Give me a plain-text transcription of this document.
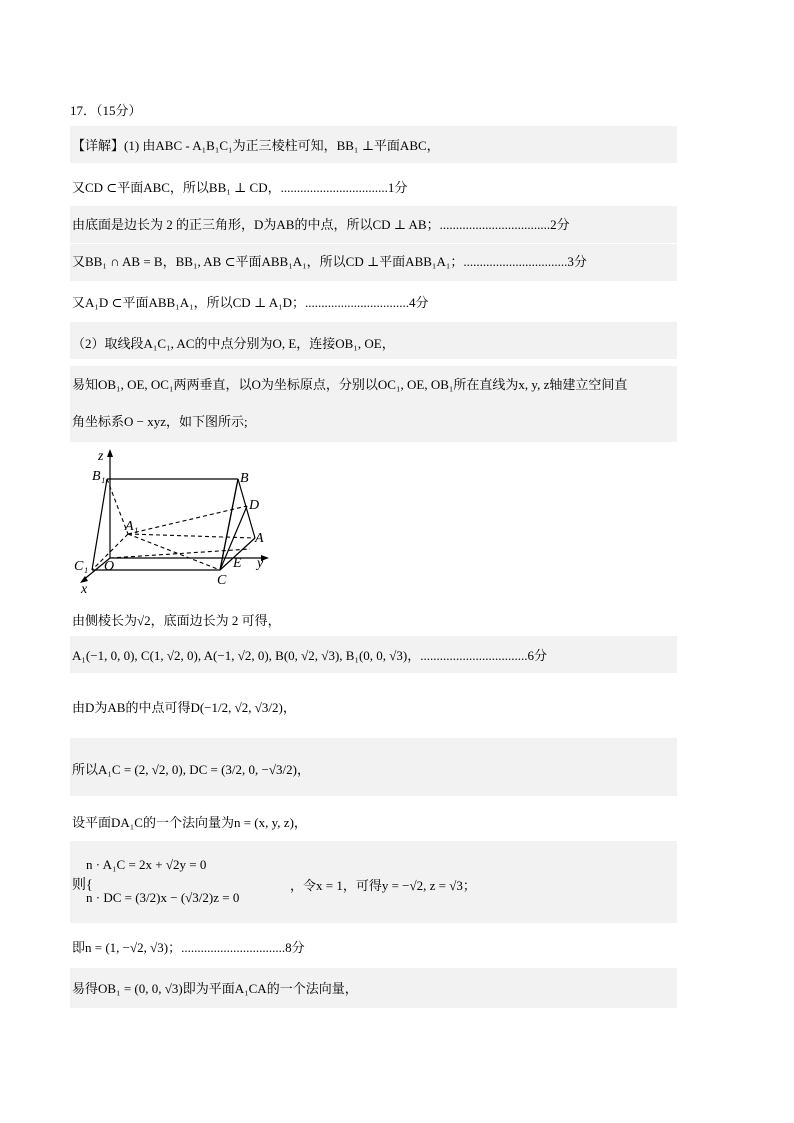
17．（15分）
【详解】(1) 由ABC - A₁B₁C₁为正三棱柱可知，BB₁ ⊥平面ABC，
又CD ⊂平面ABC，所以BB₁ ⊥ CD，.................................1分
由底面是边长为 2 的正三角形，D为AB的中点，所以CD ⊥ AB；..................................2分
又BB₁ ∩ AB = B，BB₁, AB ⊂平面ABB₁A₁，所以CD ⊥平面ABB₁A₁；................................3分
又A₁D ⊂平面ABB₁A₁，所以CD ⊥ A₁D；................................4分
（2）取线段A₁C₁, AC的中点分别为O, E，连接OB₁, OE，
易知OB₁, OE, OC₁两两垂直，以O为坐标原点，分别以OC₁, OE, OB₁所在直线为x, y, z轴建立空间直
角坐标系O − xyz，如下图所示;
z
B₁	B
D
A₁
A
C₁ O	E y
C
x
由侧棱长为√2，底面边长为 2 可得，
A₁(−1, 0, 0), C(1, √2, 0), A(−1, √2, 0), B(0, √2, √3), B₁(0, 0, √3)，.................................6分
由D为AB的中点可得D(−1/2, √2, √3/2)，
所以A₁C = (2, √2, 0), DC = (3/2, 0, −√3/2)，
设平面DA₁C的一个法向量为n = (x, y, z)，
n · A₁C = 2x + √2y = 0
则{
n · DC = (3/2)x − (√3/2)z = 0
，令x = 1，可得y = −√2, z = √3；
即n = (1, −√2, √3)；................................8分
易得OB₁ = (0, 0, √3)即为平面A₁CA的一个法向量，
